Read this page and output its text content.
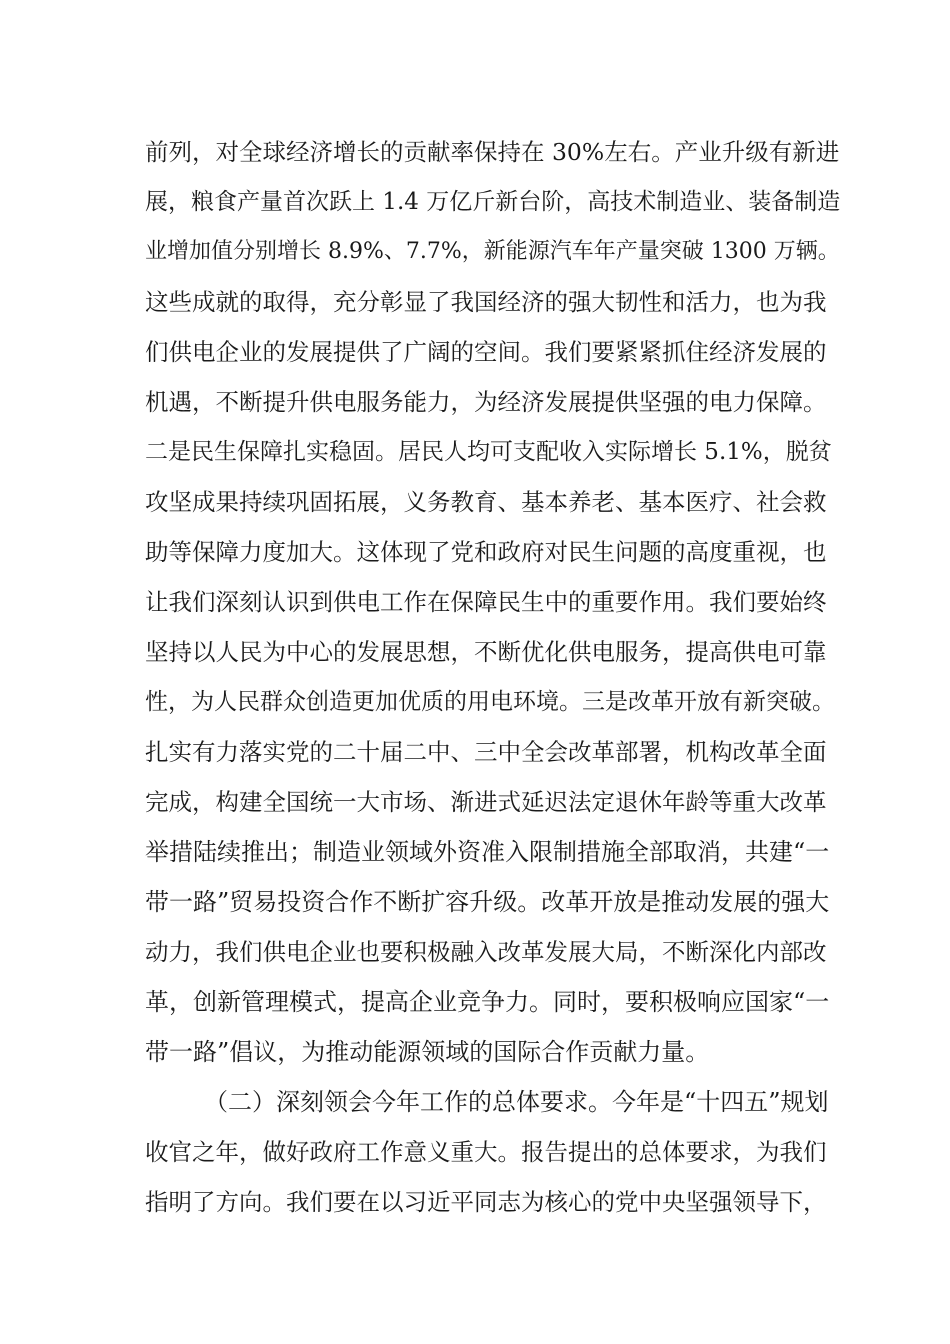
前列，对全球经济增长的贡献率保持在 30%左右。产业升级有新进

展，粮食产量首次跃上 1.4 万亿斤新台阶，高技术制造业、装备制造

业增加值分别增长 8.9%、7.7%，新能源汽车年产量突破 1300 万辆。

这些成就的取得，充分彰显了我国经济的强大韧性和活力，也为我

们供电企业的发展提供了广阔的空间。我们要紧紧抓住经济发展的

机遇，不断提升供电服务能力，为经济发展提供坚强的电力保障。

二是民生保障扎实稳固。居民人均可支配收入实际增长 5.1%，脱贫

攻坚成果持续巩固拓展，义务教育、基本养老、基本医疗、社会救

助等保障力度加大。这体现了党和政府对民生问题的高度重视，也

让我们深刻认识到供电工作在保障民生中的重要作用。我们要始终

坚持以人民为中心的发展思想，不断优化供电服务，提高供电可靠

性，为人民群众创造更加优质的用电环境。三是改革开放有新突破。

扎实有力落实党的二十届二中、三中全会改革部署，机构改革全面

完成，构建全国统一大市场、渐进式延迟法定退休年龄等重大改革

举措陆续推出；制造业领域外资准入限制措施全部取消，共建“一

带一路”贸易投资合作不断扩容升级。改革开放是推动发展的强大

动力，我们供电企业也要积极融入改革发展大局，不断深化内部改

革，创新管理模式，提高企业竞争力。同时，要积极响应国家“一

带一路”倡议，为推动能源领域的国际合作贡献力量。

（二）深刻领会今年工作的总体要求。今年是“十四五”规划

收官之年，做好政府工作意义重大。报告提出的总体要求，为我们

指明了方向。我们要在以习近平同志为核心的党中央坚强领导下，
